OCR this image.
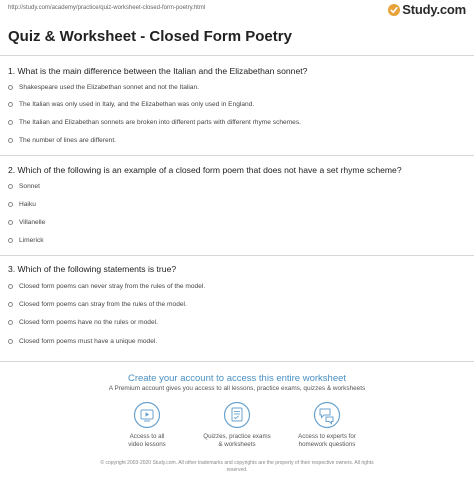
http://study.com/academy/practice/quiz-worksheet-closed-form-poetry.html	Study.com
Quiz & Worksheet - Closed Form Poetry
1. What is the main difference between the Italian and the Elizabethan sonnet?
Shakespeare used the Elizabethan sonnet and not the Italian.
The Italian was only used in Italy, and the Elizabethan was only used in England.
The Italian and Elizabethan sonnets are broken into different parts with different rhyme schemes.
The number of lines are different.
2. Which of the following is an example of a closed form poem that does not have a set rhyme scheme?
Sonnet
Haiku
Villanelle
Limerick
3. Which of the following statements is true?
Closed form poems can never stray from the rules of the model.
Closed form poems can stray from the rules of the model.
Closed form poems have no the rules or model.
Closed form poems must have a unique model.
Create your account to access this entire worksheet
A Premium account gives you access to all lessons, practice exams, quizzes & worksheets
Access to all
video lessons
Quizzes, practice exams
& worksheets
Access to experts for
homework questions
© copyright 2003-2020 Study.com. All other trademarks and copyrights are the property of their respective owners. All rights
reserved.
